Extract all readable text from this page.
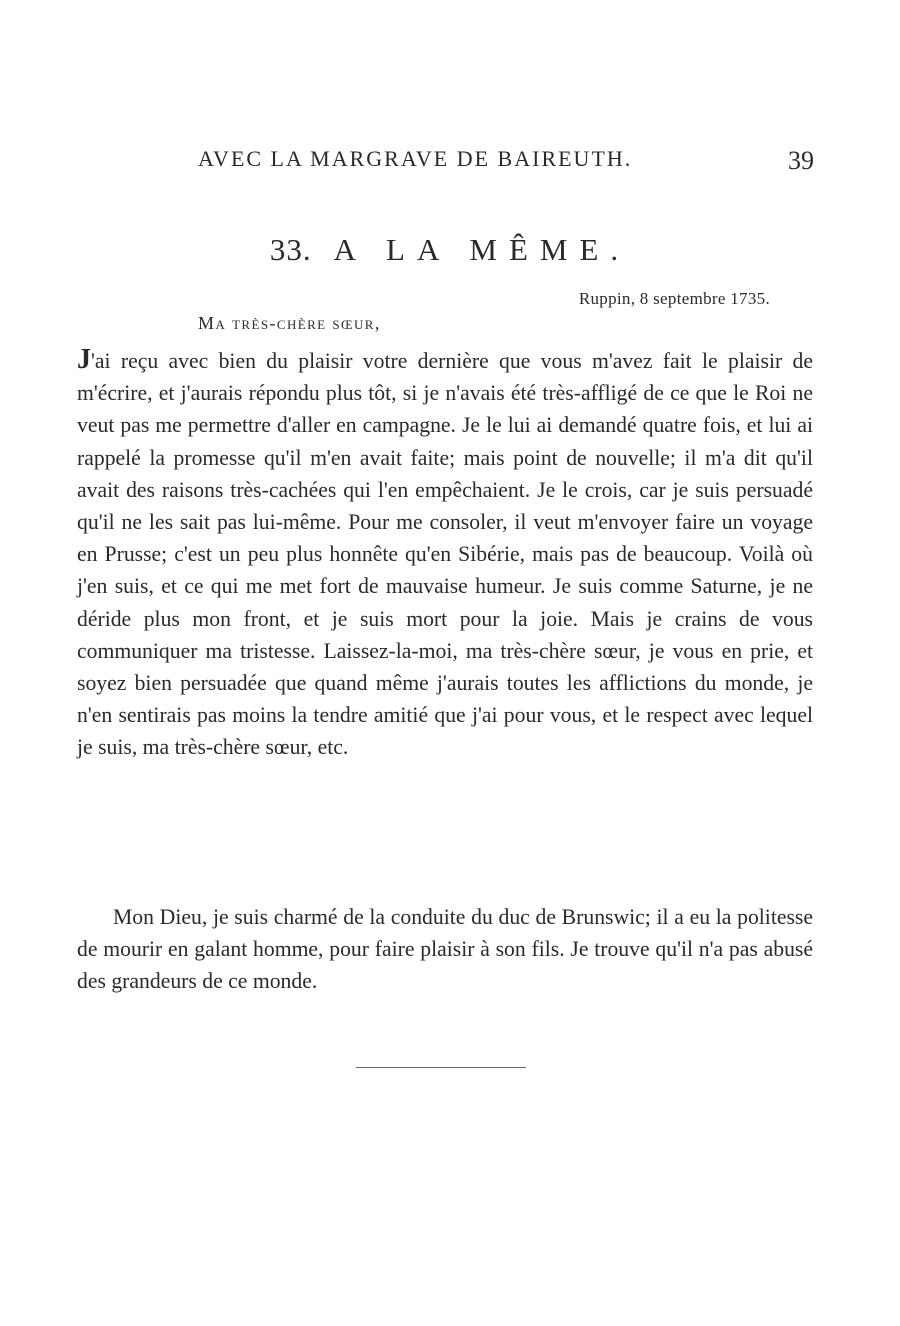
AVEC LA MARGRAVE DE BAIREUTH.	39
33. A LA MÊME.
Ruppin, 8 septembre 1735.
Ma très-chère sœur,

J'ai reçu avec bien du plaisir votre dernière que vous m'avez fait le plaisir de m'écrire, et j'aurais répondu plus tôt, si je n'avais été très-affligé de ce que le Roi ne veut pas me permettre d'aller en campagne. Je le lui ai demandé quatre fois, et lui ai rappelé la promesse qu'il m'en avait faite; mais point de nouvelle; il m'a dit qu'il avait des raisons très-cachées qui l'en empêchaient. Je le crois, car je suis persuadé qu'il ne les sait pas lui-même. Pour me consoler, il veut m'envoyer faire un voyage en Prusse; c'est un peu plus honnête qu'en Sibérie, mais pas de beaucoup. Voilà où j'en suis, et ce qui me met fort de mauvaise humeur. Je suis comme Saturne, je ne déride plus mon front, et je suis mort pour la joie. Mais je crains de vous communiquer ma tristesse. Laissez-la-moi, ma très-chère sœur, je vous en prie, et soyez bien persuadée que quand même j'aurais toutes les afflictions du monde, je n'en sentirais pas moins la tendre amitié que j'ai pour vous, et le respect avec lequel je suis, ma très-chère sœur, etc.

Mon Dieu, je suis charmé de la conduite du duc de Brunswic; il a eu la politesse de mourir en galant homme, pour faire plaisir à son fils. Je trouve qu'il n'a pas abusé des grandeurs de ce monde.
